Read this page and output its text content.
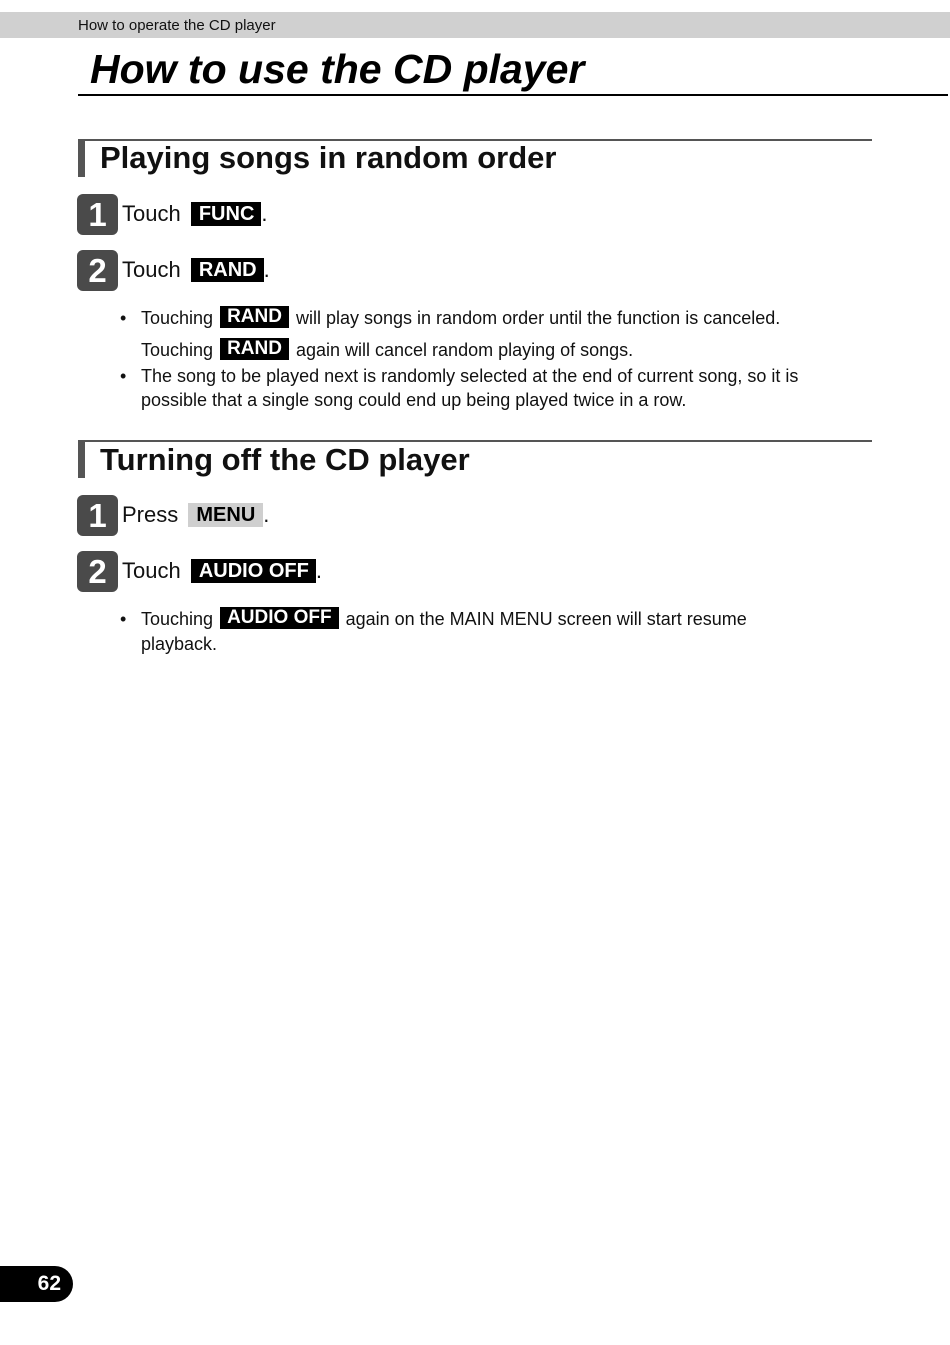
How to operate the CD player
How to use the CD player
Playing songs in random order
1 Touch FUNC .
2 Touch RAND .
• Touching RAND will play songs in random order until the function is canceled.
Touching RAND again will cancel random playing of songs.
• The song to be played next is randomly selected at the end of current song, so it is
possible that a single song could end up being played twice in a row.
Turning off the CD player
1 Press MENU .
2 Touch AUDIO OFF .
• Touching AUDIO OFF again on the MAIN MENU screen will start resume
playback.
62
